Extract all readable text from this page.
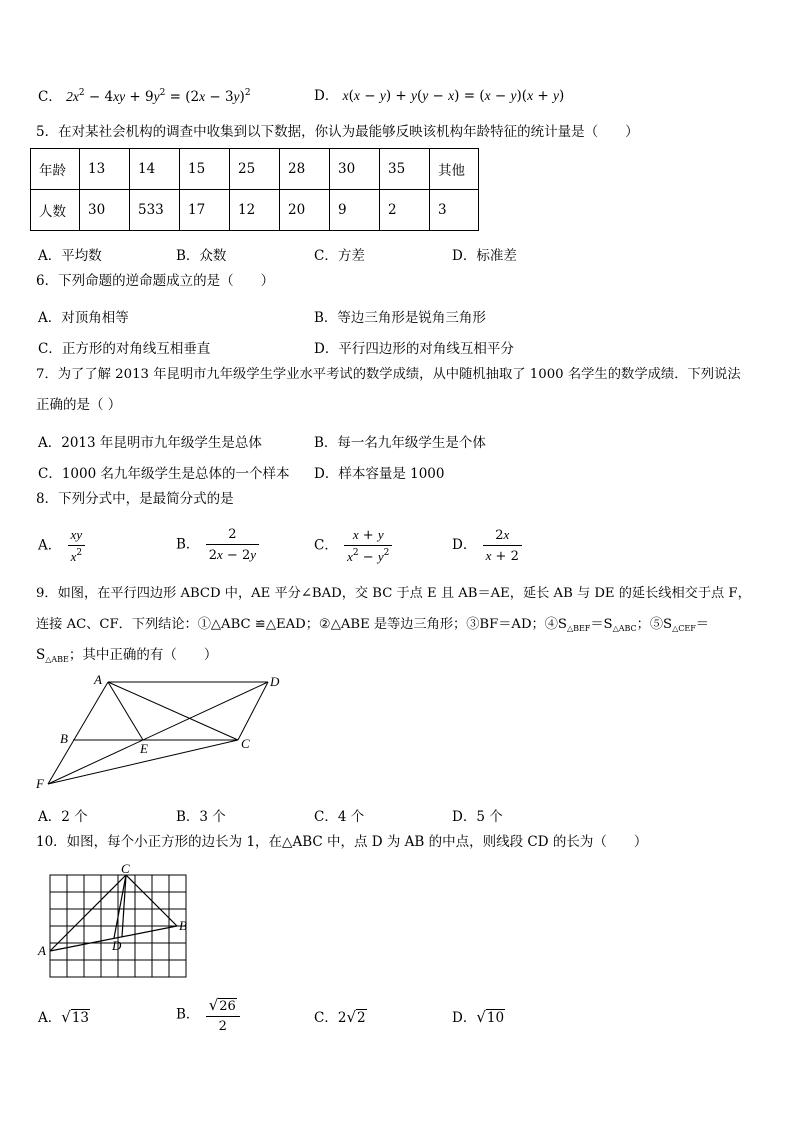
C． $2x^2 - 4xy + 9y^2 = (2x - 3y)^2$	D． x(x − y) + y(y − x) = (x − y)(x + y)
5．在对某社会机构的调查中收集到以下数据，你认为最能够反映该机构年龄特征的统计量是（　　）
年龄	13	14	15	25	28	30	35	其他
人数	30	533	17	12	20	9	2	3
A．平均数	B．众数	C．方差	D．标准差
6．下列命题的逆命题成立的是（　　）
A．对顶角相等	B．等边三角形是锐角三角形
C．正方形的对角线互相垂直	D．平行四边形的对角线互相平分
7．为了了解 2013 年昆明市九年级学生学业水平考试的数学成绩，从中随机抽取了 1000 名学生的数学成绩．下列说法
正确的是（ ）
A．2013 年昆明市九年级学生是总体	B．每一名九年级学生是个体
C．1000 名九年级学生是总体的一个样本 D．样本容量是 1000
8．下列分式中，是最简分式的是
A． $\frac{xy}{x^2}$	B． $\frac{2}{2x - 2y}$	C． $\frac{x + y}{x^2 - y^2}$	D． $\frac{2x}{x + 2}$
9．如图，在平行四边形 ABCD 中，AE 平分∠BAD，交 BC 于点 E 且 AB＝AE，延长 AB 与 DE 的延长线相交于点 F，
连接 AC、CF．下列结论：①△ABC ≌△EAD；②△ABE 是等边三角形；③BF＝AD；$④S_{\triangle BEF}=S_{\triangle ABC}$；$⑤S_{\triangle CEF}=$
$S_{\triangle ABE}$；其中正确的有（　　）
A	D
B
E	C
F
A．2 个	B．3 个	C．4 个	D．5 个
10．如图，每个小正方形的边长为 1，在△ABC 中，点 D 为 AB 的中点，则线段 CD 的长为（　　）
C
B
A	D
A．√13	B． $\frac{√26}{2}$	C．2√2	D．√10
